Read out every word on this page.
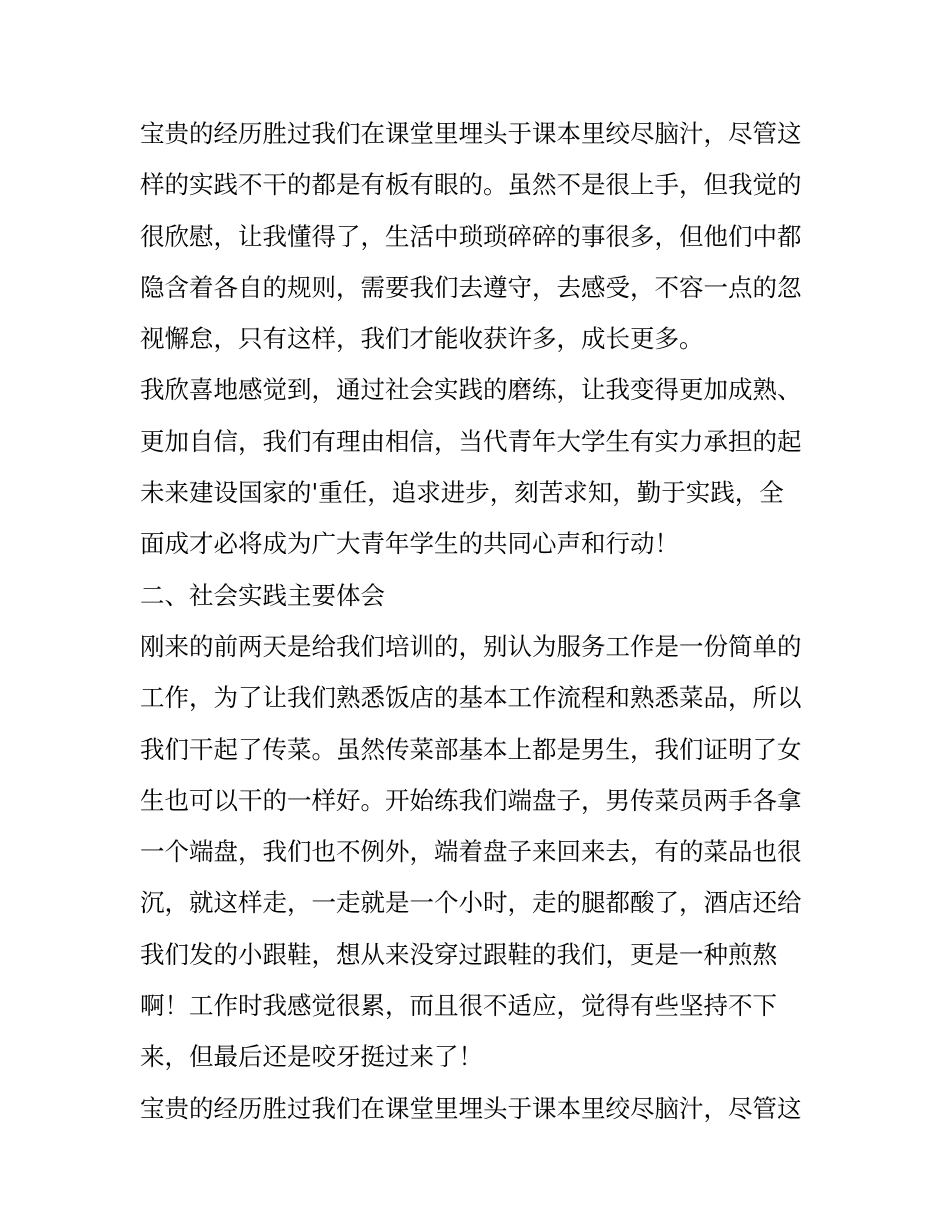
宝贵的经历胜过我们在课堂里埋头于课本里绞尽脑汁，尽管这
样的实践不干的都是有板有眼的。虽然不是很上手，但我觉的
很欣慰，让我懂得了，生活中琐琐碎碎的事很多，但他们中都
隐含着各自的规则，需要我们去遵守，去感受，不容一点的忽
视懈怠，只有这样，我们才能收获许多，成长更多。
我欣喜地感觉到，通过社会实践的磨练，让我变得更加成熟、
更加自信，我们有理由相信，当代青年大学生有实力承担的起
未来建设国家的'重任，追求进步，刻苦求知，勤于实践，全
面成才必将成为广大青年学生的共同心声和行动！
二、社会实践主要体会
刚来的前两天是给我们培训的，别认为服务工作是一份简单的
工作，为了让我们熟悉饭店的基本工作流程和熟悉菜品，所以
我们干起了传菜。虽然传菜部基本上都是男生，我们证明了女
生也可以干的一样好。开始练我们端盘子，男传菜员两手各拿
一个端盘，我们也不例外，端着盘子来回来去，有的菜品也很
沉，就这样走，一走就是一个小时，走的腿都酸了，酒店还给
我们发的小跟鞋，想从来没穿过跟鞋的我们，更是一种煎熬
啊！工作时我感觉很累，而且很不适应，觉得有些坚持不下
来，但最后还是咬牙挺过来了！
宝贵的经历胜过我们在课堂里埋头于课本里绞尽脑汁，尽管这
